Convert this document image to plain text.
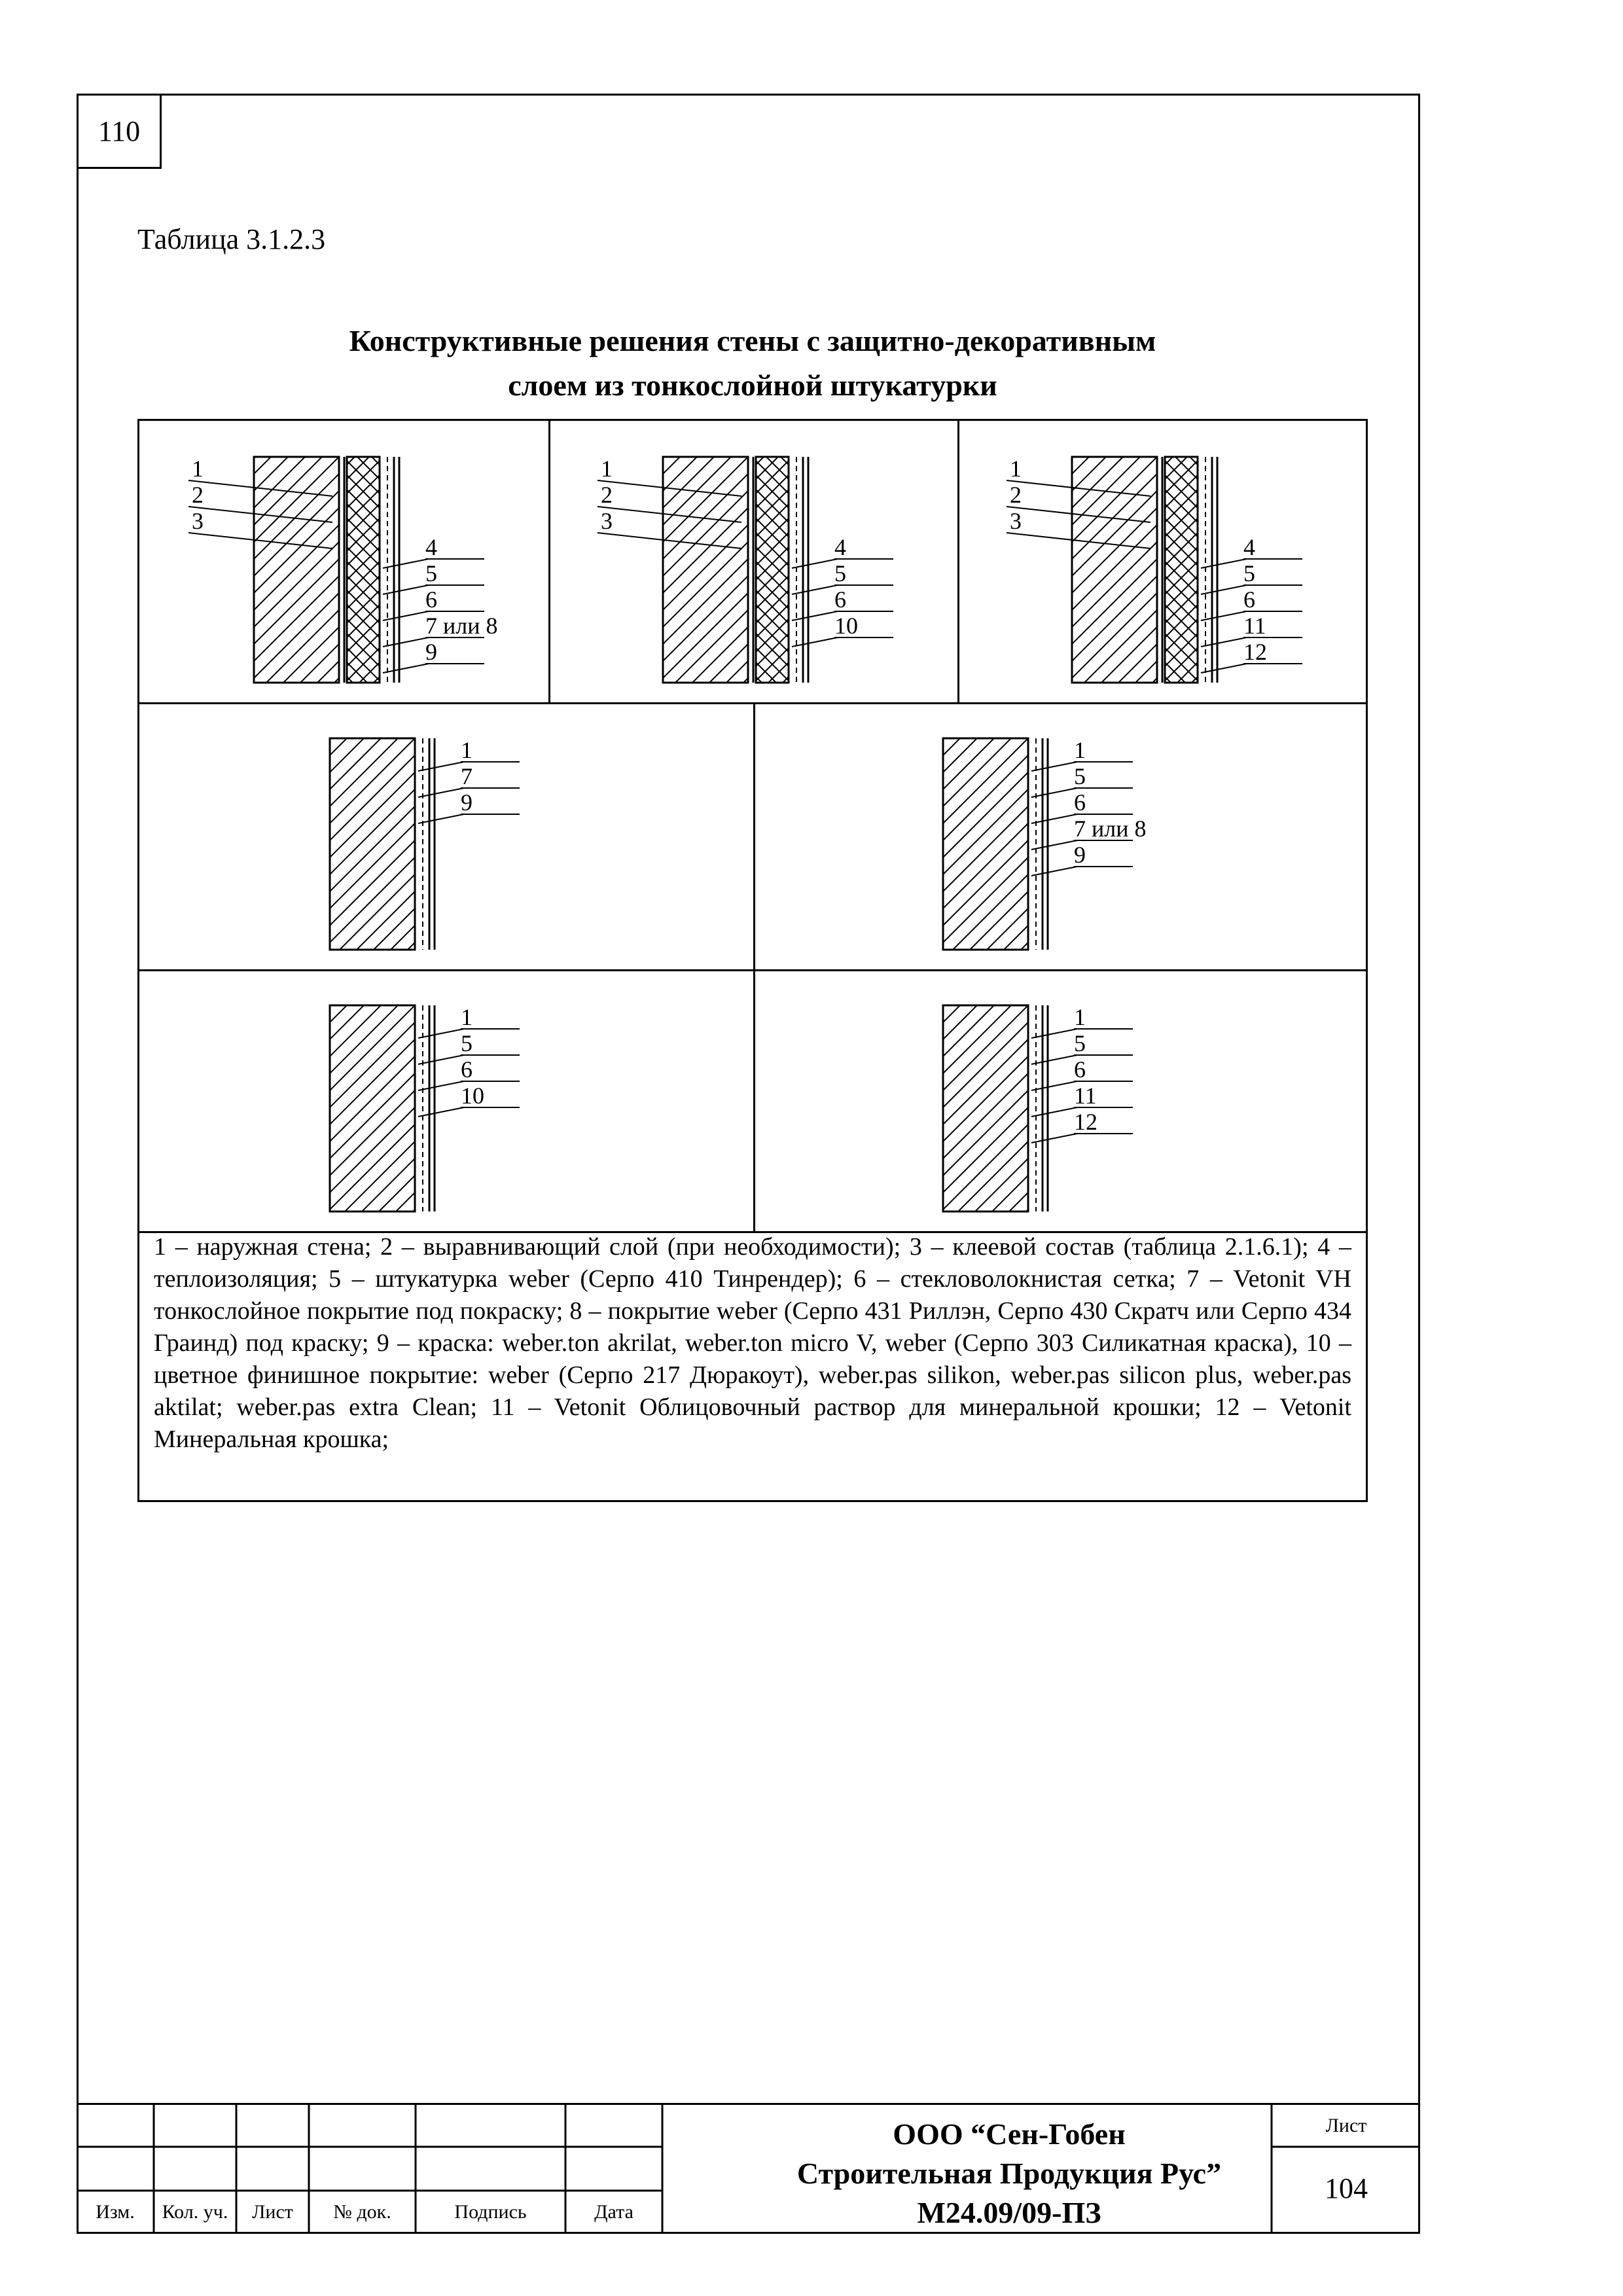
110
Таблица 3.1.2.3
Конструктивные решения стены с защитно-декоративным
слоем из тонкослойной штукатурки
1
2
3
4
5
6
7 или 8
9
1
2
3
4
5
6
10
1
2
3
4
5
6
11
12
1
7
9
1
5
6
7 или 8
9
1
5
6
10
1
5
6
11
12
1 – наружная стена; 2 – выравнивающий слой (при необходимости); 3 – клеевой состав (таблица 2.1.6.1); 4 – теплоизоляция; 5 – штукатурка weber (Серпо 410 Тинрендер); 6 – стекловолокнистая сетка; 7 – Vetonit VH тонкослойное покрытие под покраску; 8 – покрытие weber (Серпо 431 Риллэн, Серпо 430 Скратч или Серпо 434 Граинд) под краску; 9 – краска: weber.ton akrilat, weber.ton micro V, weber (Серпо 303 Силикатная краска), 10 – цветное финишное покрытие: weber (Серпо 217 Дюракоут), weber.pas silikon, weber.pas silicon plus, weber.pas aktilat; weber.pas extra Clean; 11 – Vetonit Облицовочный раствор для минеральной крошки; 12 – Vetonit Минеральная крошка;
Изм.	Кол. уч.	Лист	№ док.	Подпись	Дата
ООО “Сен-Гобен
Строительная Продукция Рус”
М24.09/09-ПЗ
Лист
104
